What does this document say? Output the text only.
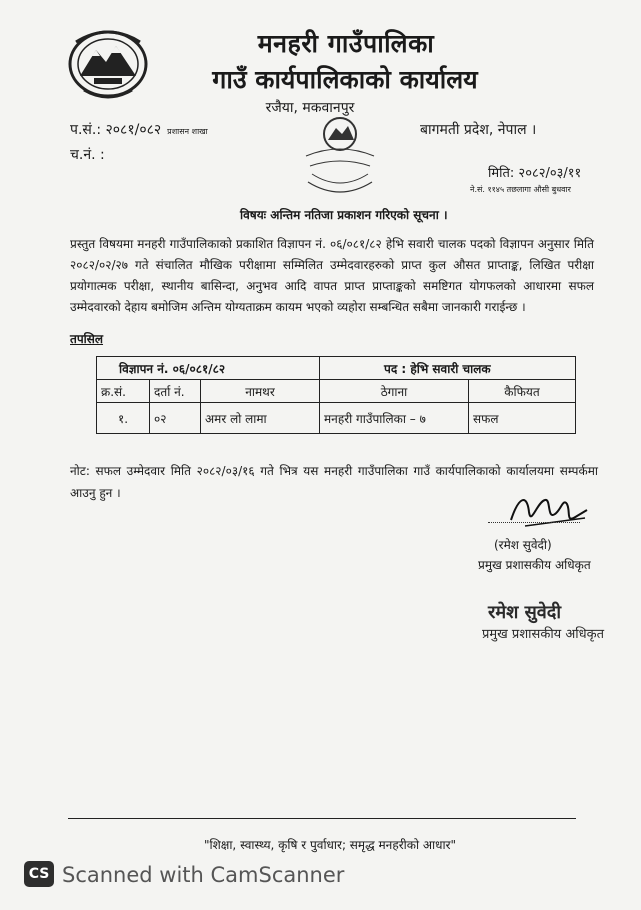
मनहरी गाउँपालिका
गाउँ कार्यपालिकाको कार्यालय
रजैया, मकवानपुर
प.सं.: २०८१/०८२ प्रशासन शाखा
च.नं. :
बागमती प्रदेश, नेपाल ।
मिति: २०८२/०३/११
ने.सं. ११४५ तछलागा औसी बुधवार
विषयः अन्तिम नतिजा प्रकाशन गरिएको सूचना ।
प्रस्तुत विषयमा मनहरी गाउँपालिकाको प्रकाशित विज्ञापन नं. ०६/०८१/८२ हेभि सवारी चालक पदको विज्ञापन अनुसार मिति २०८२/०२/२७ गते संचालित मौखिक परीक्षामा सम्मिलित उम्मेदवारहरुको प्राप्त कुल औसत प्राप्ताङ्क, लिखित परीक्षा प्रयोगात्मक परीक्षा, स्थानीय बासिन्दा, अनुभव आदि वापत प्राप्त प्राप्ताङ्कको समष्टिगत योगफलको आधारमा सफल उम्मेदवारको देहाय बमोजिम अन्तिम योग्यताक्रम कायम भएको व्यहोरा सम्बन्धित सबैमा जानकारी गराईन्छ ।
तपसिल
विज्ञापन नं. ०६/०८१/८२			पद : हेभि सवारी चालक	
क्र.सं.	दर्ता नं.	नामथर	ठेगाना	कैफियत
१.	०२	अमर लो लामा	मनहरी गाउँपालिका – ७	सफल
नोट: सफल उम्मेदवार मिति २०८२/०३/१६ गते भित्र यस मनहरी गाउँपालिका गाउँ कार्यपालिकाको कार्यालयमा सम्पर्कमा आउनु हुन ।
(रमेश सुवेदी)
प्रमुख प्रशासकीय अधिकृत
रमेश सुवेदी
प्रमुख प्रशासकीय अधिकृत
"शिक्षा, स्वास्थ्य, कृषि र पुर्वाधार; समृद्ध मनहरीको आधार"
CS Scanned with CamScanner
